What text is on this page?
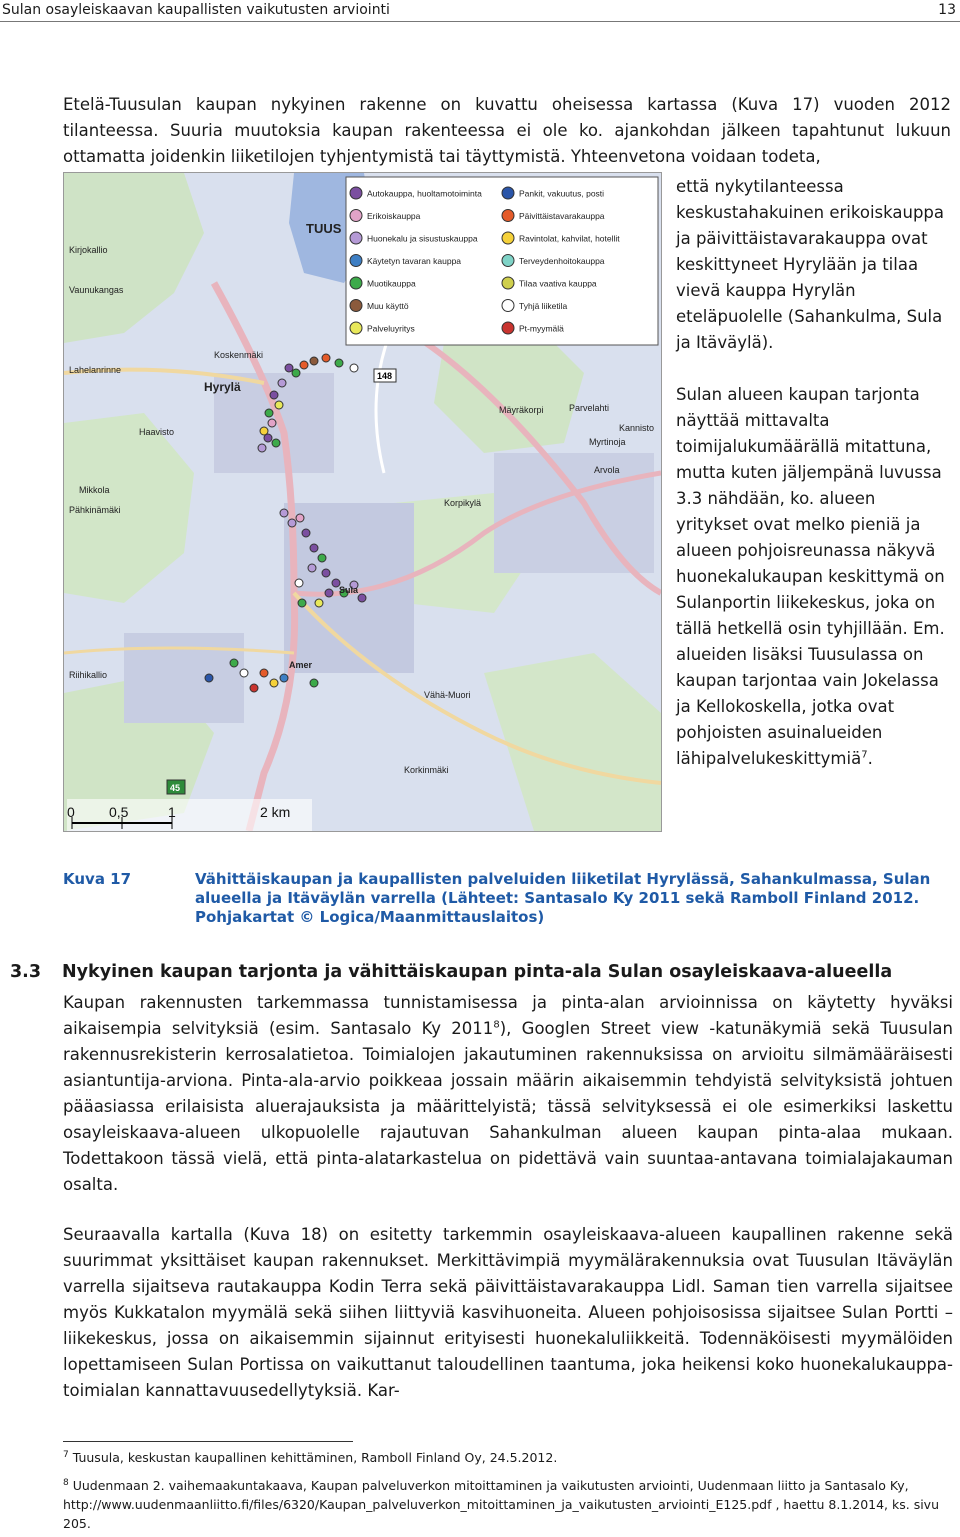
Sulan osayleiskaavan kaupallisten vaikutusten arviointi	13

Etelä-Tuusulan kaupan nykyinen rakenne on kuvattu oheisessa kartassa (Kuva 17) vuoden 2012 tilanteessa. Suuria muutoksia kaupan rakenteessa ei ole ko. ajankohdan jälkeen tapahtunut lukuun ottamatta joidenkin liiketilojen tyhjentymistä tai täyttymistä. Yhteenvetona voidaan todeta,

Autokauppa, huoltamotoiminta
Erikoiskauppa
Huonekalu ja sisustuskauppa
Käytetyn tavaran kauppa
Muotikauppa
Muu käyttö
Palveluyritys
Pankit, vakuutus, posti
Päivittäistavarakauppa
Ravintolat, kahvilat, hotellit
Terveydenhoitokauppa
Tilaa vaativa kauppa
Tyhjä liiketila
Pt-myymälä
TUUS
Kirjokallio
Vaunukangas
Koskenmäki
Lahelanrinne
Hyrylä
Mäyräkorpi	Parvelahti
Myrtinoja
Kannisto
Mikkola
Pähkinämäki
Korpikylä
Sula
Riihikallio
Amer
Vähä-Muori
Korkinmäki
Haavisto
Arvola
148
45
0 0,5	1	2 km

että nykytilanteessa keskustahakuinen erikoiskauppa ja päivittäistavarakauppa ovat keskittyneet Hyrylään ja tilaa vievä kauppa Hyrylän eteläpuolelle (Sahankulma, Sula ja Itäväylä).

Sulan alueen kaupan tarjonta näyttää mittavalta toimijalukumäärällä mitattuna, mutta kuten jäljempänä luvussa 3.3 nähdään, ko. alueen yritykset ovat melko pieniä ja alueen pohjoisreunassa näkyvä huonekalukaupan keskittymä on Sulanportin liikekeskus, joka on tällä hetkellä osin tyhjillään. Em. alueiden lisäksi Tuusulassa on kaupan tarjontaa vain Jokelassa ja Kellokoskella, jotka ovat pohjoisten asuinalueiden lähipalvelukeskittymiä$^7$.

Kuva 17	Vähittäiskaupan ja kaupallisten palveluiden liiketilat Hyrylässä, Sahankulmassa, Sulan alueella ja Itäväylän varrella (Lähteet: Santasalo Ky 2011 sekä Ramboll Finland 2012. Pohjakartat © Logica/Maanmittauslaitos)
3.3 Nykyinen kaupan tarjonta ja vähittäiskaupan pinta-ala Sulan osayleiskaava-alueella

Kaupan rakennusten tarkemmassa tunnistamisessa ja pinta-alan arvioinnissa on käytetty hyväksi aikaisempia selvityksiä (esim. Santasalo Ky 2011$^8$), Googlen Street view -katunäkymiä sekä Tuusulan rakennusrekisterin kerrosalatietoa. Toimialojen jakautuminen rakennuksissa on arvioitu silmämääräisesti asiantuntija-arviona. Pinta-ala-arvio poikkeaa jossain määrin aikaisemmin tehdyistä selvityksistä johtuen pääasiassa erilaisista aluerajauksista ja määrittelyistä; tässä selvityksessä ei ole esimerkiksi laskettu osayleiskaava-alueen ulkopuolelle rajautuvan Sahankulman alueen kaupan pinta-alaa mukaan. Todettakoon tässä vielä, että pinta-alatarkastelua on pidettävä vain suuntaa-antavana toimialajakauman osalta.

Seuraavalla kartalla (Kuva 18) on esitetty tarkemmin osayleiskaava-alueen kaupallinen rakenne sekä suurimmat yksittäiset kaupan rakennukset. Merkittävimpiä myymälärakennuksia ovat Tuusulan Itäväylän varrella sijaitseva rautakauppa Kodin Terra sekä päivittäistavarakauppa Lidl. Saman tien varrella sijaitsee myös Kukkatalon myymälä sekä siihen liittyviä kasvihuoneita. Alueen pohjoisosissa sijaitsee Sulan Portti –liikekeskus, jossa on aikaisemmin sijainnut erityisesti huonekaluliikkeitä. Todennäköisesti myymälöiden lopettamiseen Sulan Portissa on vaikuttanut taloudellinen taantuma, joka heikensi koko huonekalukauppa-toimialan kannattavuusedellytyksiä. Kar-

$^7$ Tuusula, keskustan kaupallinen kehittäminen, Ramboll Finland Oy, 24.5.2012.
$^8$ Uudenmaan 2. vaihemaakuntakaava, Kaupan palveluverkon mitoittaminen ja vaikutusten arviointi, Uudenmaan liitto ja Santasalo Ky, http://www.uudenmaanliitto.fi/files/6320/Kaupan_palveluverkon_mitoittaminen_ja_vaikutusten_arviointi_E125.pdf , haettu 8.1.2014, ks. sivu 205.
